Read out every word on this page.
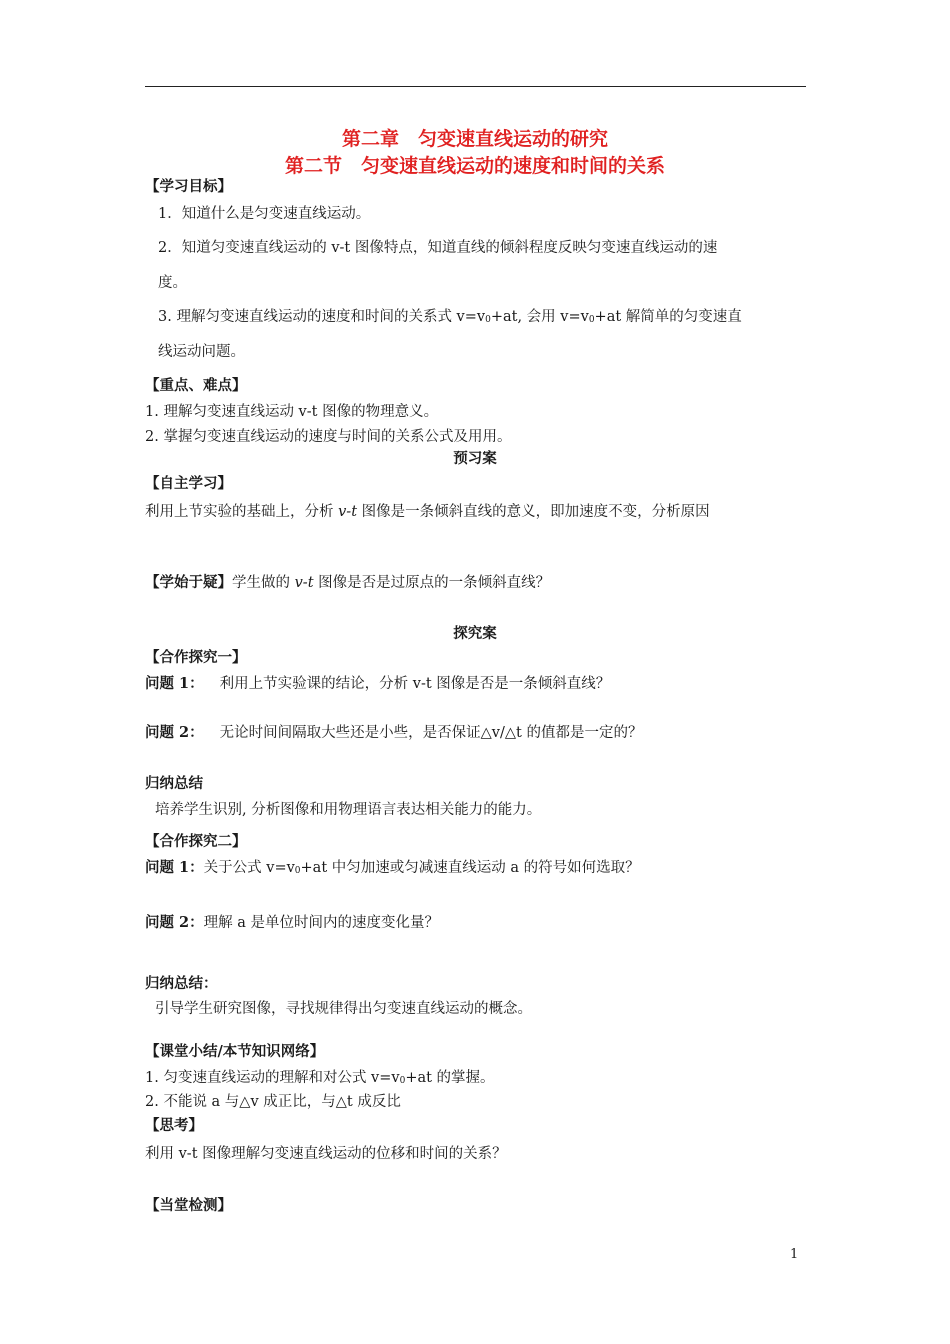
第二章　匀变速直线运动的研究
第二节　匀变速直线运动的速度和时间的关系
【学习目标】
1．知道什么是匀变速直线运动。
2．知道匀变速直线运动的 v-t 图像特点，知道直线的倾斜程度反映匀变速直线运动的速
度。
3. 理解匀变速直线运动的速度和时间的关系式 $v=v_0+at$, 会用 $v=v_0+at$ 解简单的匀变速直
线运动问题。
【重点、难点】
1. 理解匀变速直线运动 v-t 图像的物理意义。
2. 掌握匀变速直线运动的速度与时间的关系公式及用用。
预习案
【自主学习】
利用上节实验的基础上，分析 v-t 图像是一条倾斜直线的意义，即加速度不变，分析原因
【学始于疑】学生做的 v-t 图像是否是过原点的一条倾斜直线？
探究案
【合作探究一】
问题 1： 利用上节实验课的结论，分析 v-t 图像是否是一条倾斜直线？
问题 2： 无论时间间隔取大些还是小些，是否保证△v/△t 的值都是一定的？
归纳总结
培养学生识别, 分析图像和用物理语言表达相关能力的能力。
【合作探究二】
问题 1：关于公式 $v=v_0+at$ 中匀加速或匀减速直线运动 a 的符号如何选取？
问题 2：理解 a 是单位时间内的速度变化量？
归纳总结：
引导学生研究图像，寻找规律得出匀变速直线运动的概念。
【课堂小结/本节知识网络】
1. 匀变速直线运动的理解和对公式 $v=v_0+at$ 的掌握。
2. 不能说 a 与△v 成正比，与△t 成反比
【思考】
利用 v-t 图像理解匀变速直线运动的位移和时间的关系？
【当堂检测】
1
